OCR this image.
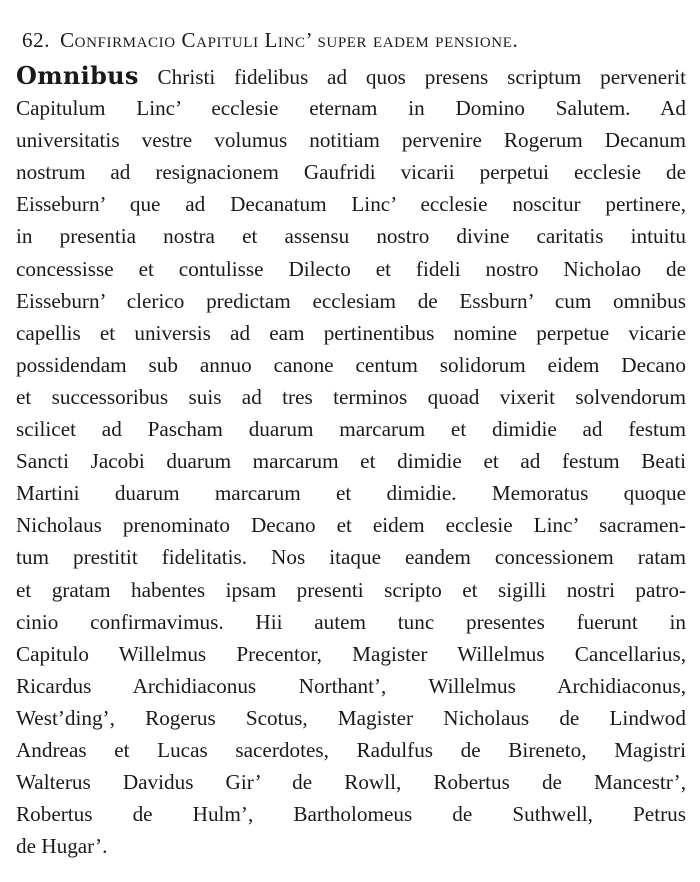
62. Confirmacio Capituli Linc’ super eadem pensione.
Omnibus Christi fidelibus ad quos presens scriptum pervenerit
Capitulum Linc’ ecclesie eternam in Domino Salutem. Ad
universitatis vestre volumus notitiam pervenire Rogerum Decanum
nostrum ad resignacionem Gaufridi vicarii perpetui ecclesie de
Eisseburn’ que ad Decanatum Linc’ ecclesie noscitur pertinere,
in presentia nostra et assensu nostro divine caritatis intuitu
concessisse et contulisse Dilecto et fideli nostro Nicholao de
Eisseburn’ clerico predictam ecclesiam de Essburn’ cum omnibus
capellis et universis ad eam pertinentibus nomine perpetue vicarie
possidendam sub annuo canone centum solidorum eidem Decano
et successoribus suis ad tres terminos quoad vixerit solvendorum
scilicet ad Pascham duarum marcarum et dimidie ad festum
Sancti Jacobi duarum marcarum et dimidie et ad festum Beati
Martini duarum marcarum et dimidie. Memoratus quoque
Nicholaus prenominato Decano et eidem ecclesie Linc’ sacramen-
tum prestitit fidelitatis. Nos itaque eandem concessionem ratam
et gratam habentes ipsam presenti scripto et sigilli nostri patro-
cinio confirmavimus. Hii autem tunc presentes fuerunt in
Capitulo Willelmus Precentor, Magister Willelmus Cancellarius,
Ricardus Archidiaconus Northant’, Willelmus Archidiaconus,
West’ding’, Rogerus Scotus, Magister Nicholaus de Lindwod
Andreas et Lucas sacerdotes, Radulfus de Bireneto, Magistri
Walterus Davidus Gir’ de Rowll, Robertus de Mancestr’,
Robertus de Hulm’, Bartholomeus de Suthwell, Petrus
de Hugar’.
